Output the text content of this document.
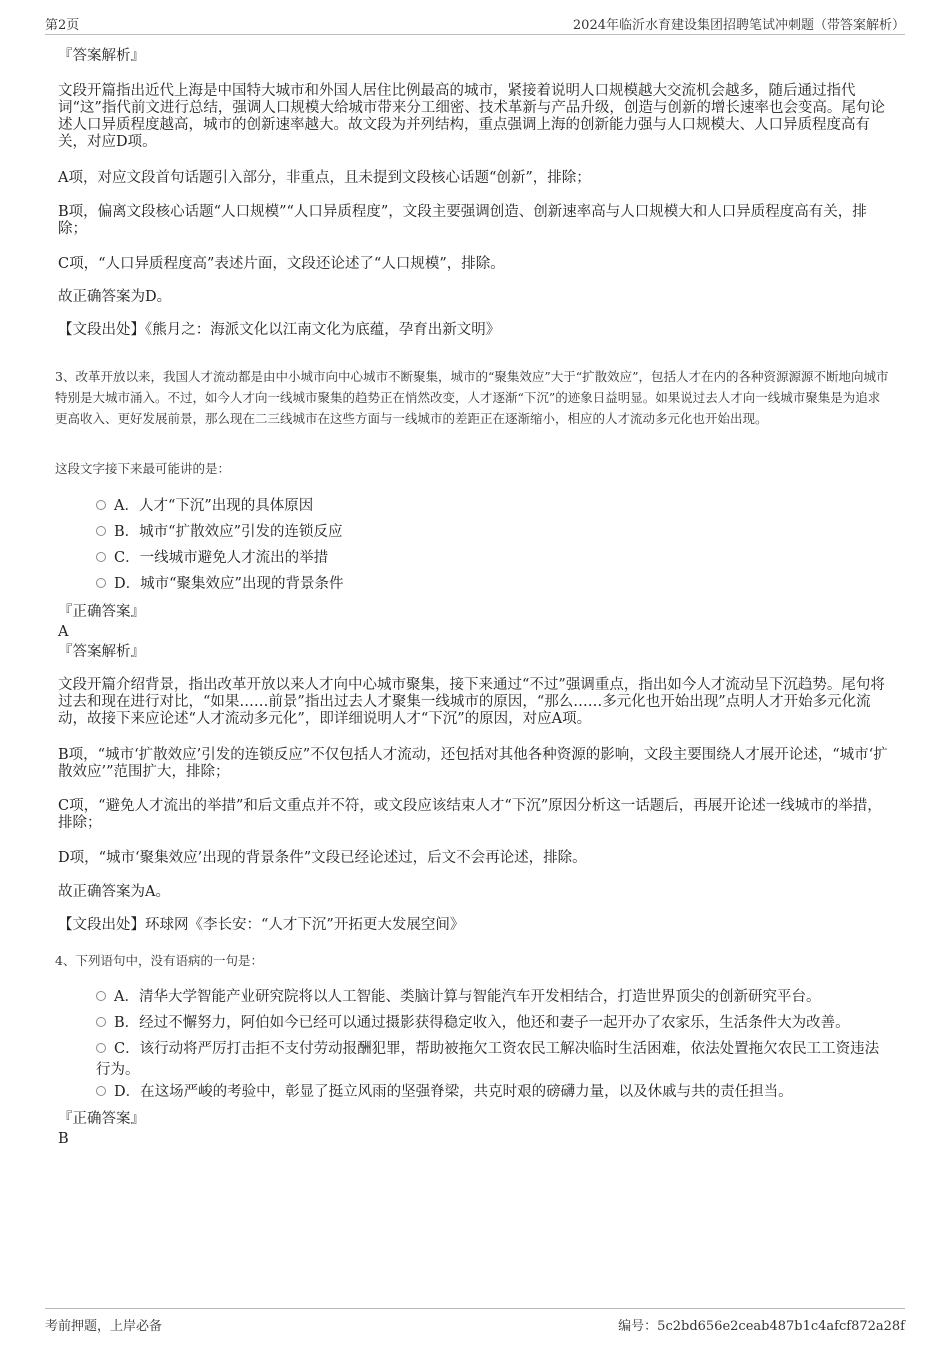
第2页	2024年临沂水育建设集团招聘笔试冲刺题（带答案解析）
『答案解析』
文段开篇指出近代上海是中国特大城市和外国人居住比例最高的城市，紧接着说明人口规模越大交流机会越多，随后通过指代词“这”指代前文进行总结，强调人口规模大给城市带来分工细密、技术革新与产品升级，创造与创新的增长速率也会变高。尾句论述人口异质程度越高，城市的创新速率越大。故文段为并列结构，重点强调上海的创新能力强与人口规模大、人口异质程度高有关，对应D项。
A项，对应文段首句话题引入部分，非重点，且未提到文段核心话题“创新”，排除；
B项，偏离文段核心话题“人口规模”“人口异质程度”，文段主要强调创造、创新速率高与人口规模大和人口异质程度高有关，排除；
C项，“人口异质程度高”表述片面，文段还论述了“人口规模”，排除。
故正确答案为D。
【文段出处】《熊月之：海派文化以江南文化为底蕴，孕育出新文明》
3、改革开放以来，我国人才流动都是由中小城市向中心城市不断聚集，城市的“聚集效应”大于“扩散效应”，包括人才在内的各种资源源源不断地向城市特别是大城市涌入。不过，如今人才向一线城市聚集的趋势正在悄然改变，人才逐渐“下沉”的迹象日益明显。如果说过去人才向一线城市聚集是为追求更高收入、更好发展前景，那么现在二三线城市在这些方面与一线城市的差距正在逐渐缩小，相应的人才流动多元化也开始出现。
这段文字接下来最可能讲的是：
A．人才“下沉”出现的具体原因
B．城市“扩散效应”引发的连锁反应
C．一线城市避免人才流出的举措
D．城市“聚集效应”出现的背景条件
『正确答案』
A
『答案解析』
文段开篇介绍背景，指出改革开放以来人才向中心城市聚集，接下来通过“不过”强调重点，指出如今人才流动呈下沉趋势。尾句将过去和现在进行对比，“如果……前景”指出过去人才聚集一线城市的原因，“那么……多元化也开始出现”点明人才开始多元化流动，故接下来应论述“人才流动多元化”，即详细说明人才“下沉”的原因，对应A项。
B项，“城市‘扩散效应’引发的连锁反应”不仅包括人才流动，还包括对其他各种资源的影响，文段主要围绕人才展开论述，“城市‘扩散效应’”范围扩大，排除；
C项，“避免人才流出的举措”和后文重点并不符，或文段应该结束人才“下沉”原因分析这一话题后，再展开论述一线城市的举措，排除；
D项，“城市‘聚集效应’出现的背景条件”文段已经论述过，后文不会再论述，排除。
故正确答案为A。
【文段出处】环球网《李长安：“人才下沉”开拓更大发展空间》
4、下列语句中，没有语病的一句是：
A．清华大学智能产业研究院将以人工智能、类脑计算与智能汽车开发相结合，打造世界顶尖的创新研究平台。
B．经过不懈努力，阿伯如今已经可以通过摄影获得稳定收入，他还和妻子一起开办了农家乐，生活条件大为改善。
C．该行动将严厉打击拒不支付劳动报酬犯罪，帮助被拖欠工资农民工解决临时生活困难，依法处置拖欠农民工工资违法行为。
D．在这场严峻的考验中，彰显了挺立风雨的坚强脊梁，共克时艰的磅礴力量，以及休戚与共的责任担当。
『正确答案』
B
考前押题，上岸必备	编号：5c2bd656e2ceab487b1c4afcf872a28f
